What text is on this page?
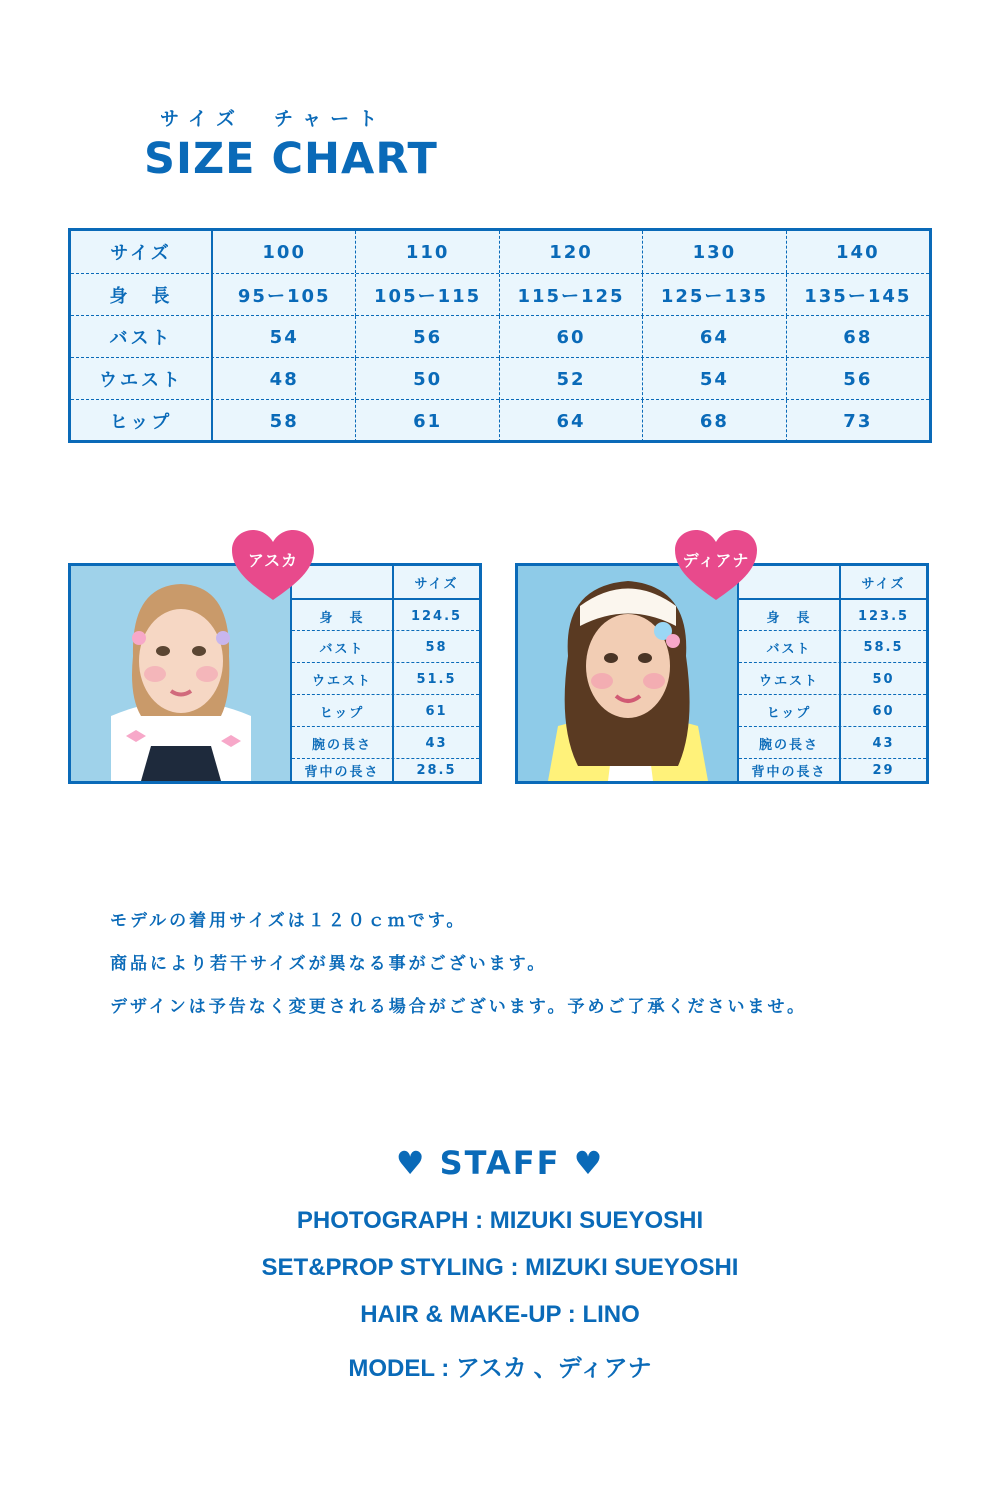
サイズ チャート
SIZE CHART
サイズ	100	110	120	130	140
身　長	95ー105	105ー115	115ー125	125ー135	135ー145
バスト	54	56	60	64	68
ウエスト	48	50	52	54	56
ヒップ	58	61	64	68	73
サイズ
身　長	124.5
バスト	58
ウエスト	51.5
ヒップ	61
腕の長さ	43
背中の長さ	28.5
アスカ
サイズ
身　長	123.5
バスト	58.5
ウエスト	50
ヒップ	60
腕の長さ	43
背中の長さ	29
ディアナ
モデルの着用サイズは１２０ｃｍです。
商品により若干サイズが異なる事がございます。
デザインは予告なく変更される場合がございます。予めご了承くださいませ。
♥ STAFF ♥
PHOTOGRAPH : MIZUKI SUEYOSHI
SET&PROP STYLING : MIZUKI SUEYOSHI
HAIR & MAKE-UP : LINO
MODEL : アスカ 、ディアナ
